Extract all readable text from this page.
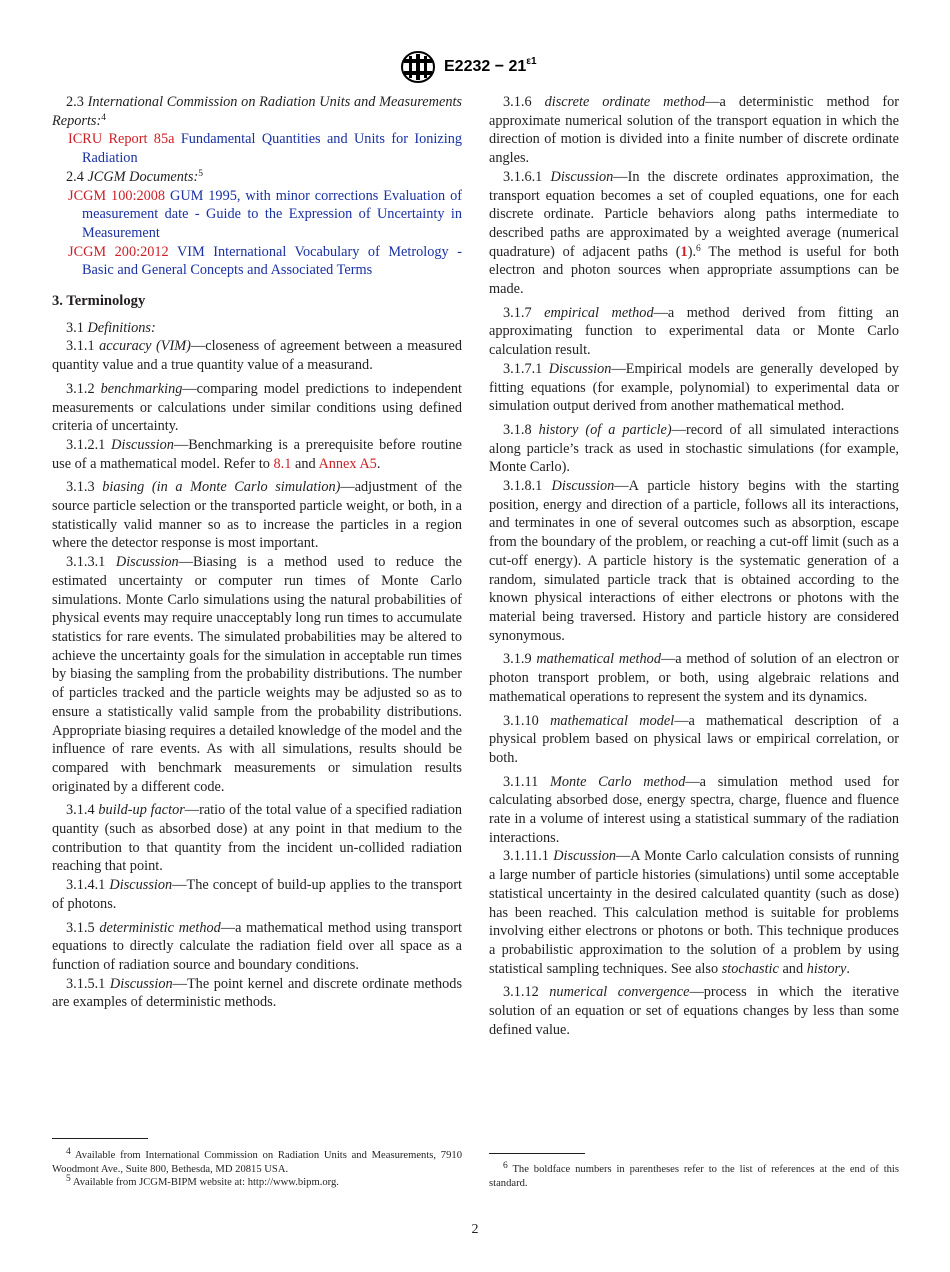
$E2232 - 21^{\varepsilon 1}$

2.3 International Commission on Radiation Units and Measurements Reports:$^4$

ICRU Report 85a Fundamental Quantities and Units for Ionizing Radiation

2.4 JCGM Documents:$^5$

JCGM 100:2008 GUM 1995, with minor corrections Evaluation of measurement date - Guide to the Expression of Uncertainty in Measurement

JCGM 200:2012 VIM International Vocabulary of Metrology - Basic and General Concepts and Associated Terms

3. Terminology

3.1 Definitions:

3.1.1 accuracy (VIM)—closeness of agreement between a measured quantity value and a true quantity value of a measurand.

3.1.2 benchmarking—comparing model predictions to independent measurements or calculations under similar conditions using defined criteria of uncertainty.

3.1.2.1 Discussion—Benchmarking is a prerequisite before routine use of a mathematical model. Refer to 8.1 and Annex A5.

3.1.3 biasing (in a Monte Carlo simulation)—adjustment of the source particle selection or the transported particle weight, or both, in a statistically valid manner so as to increase the particles in a region where the detector response is most important.

3.1.3.1 Discussion—Biasing is a method used to reduce the estimated uncertainty or computer run times of Monte Carlo simulations. Monte Carlo simulations using the natural probabilities of physical events may require unacceptably long run times to accumulate statistics for rare events. The simulated probabilities may be altered to achieve the uncertainty goals for the simulation in acceptable run times by biasing the sampling from the probability distributions. The number of particles tracked and the particle weights may be adjusted so as to ensure a statistically valid sample from the probability distributions. Appropriate biasing requires a detailed knowledge of the model and the influence of rare events. As with all simulations, results should be compared with benchmark measurements or simulation results originated by a different code.

3.1.4 build-up factor—ratio of the total value of a specified radiation quantity (such as absorbed dose) at any point in that medium to the contribution to that quantity from the incident un-collided radiation reaching that point.

3.1.4.1 Discussion—The concept of build-up applies to the transport of photons.

3.1.5 deterministic method—a mathematical method using transport equations to directly calculate the radiation field over all space as a function of radiation source and boundary conditions.

3.1.5.1 Discussion—The point kernel and discrete ordinate methods are examples of deterministic methods.

3.1.6 discrete ordinate method—a deterministic method for approximate numerical solution of the transport equation in which the direction of motion is divided into a finite number of discrete ordinate angles.

3.1.6.1 Discussion—In the discrete ordinates approximation, the transport equation becomes a set of coupled equations, one for each discrete ordinate. Particle behaviors along paths intermediate to described paths are approximated by a weighted average (numerical quadrature) of adjacent paths (1).$^6$ The method is useful for both electron and photon sources when appropriate assumptions can be made.

3.1.7 empirical method—a method derived from fitting an approximating function to experimental data or Monte Carlo calculation result.

3.1.7.1 Discussion—Empirical models are generally developed by fitting equations (for example, polynomial) to experimental data or simulation output derived from another mathematical method.

3.1.8 history (of a particle)—record of all simulated interactions along particle’s track as used in stochastic simulations (for example, Monte Carlo).

3.1.8.1 Discussion—A particle history begins with the starting position, energy and direction of a particle, follows all its interactions, and terminates in one of several outcomes such as absorption, escape from the boundary of the problem, or reaching a cut-off limit (such as a cut-off energy). A particle history is the systematic generation of a random, simulated particle track that is obtained according to the known physical interactions of either electrons or photons with the material being traversed. History and particle history are considered synonymous.

3.1.9 mathematical method—a method of solution of an electron or photon transport problem, or both, using algebraic relations and mathematical operations to represent the system and its dynamics.

3.1.10 mathematical model—a mathematical description of a physical problem based on physical laws or empirical correlation, or both.

3.1.11 Monte Carlo method—a simulation method used for calculating absorbed dose, energy spectra, charge, fluence and fluence rate in a volume of interest using a statistical summary of the radiation interactions.

3.1.11.1 Discussion—A Monte Carlo calculation consists of running a large number of particle histories (simulations) until some acceptable statistical uncertainty in the desired calculated quantity (such as dose) has been reached. This calculation method is suitable for problems involving either electrons or photons or both. This technique produces a probabilistic approximation to the solution of a problem by using statistical sampling techniques. See also stochastic and history.

3.1.12 numerical convergence—process in which the iterative solution of an equation or set of equations changes by less than some defined value.

4 Available from International Commission on Radiation Units and Measurements, 7910 Woodmont Ave., Suite 800, Bethesda, MD 20815 USA.

5 Available from JCGM-BIPM website at: http://www.bipm.org.

6 The boldface numbers in parentheses refer to the list of references at the end of this standard.

2
